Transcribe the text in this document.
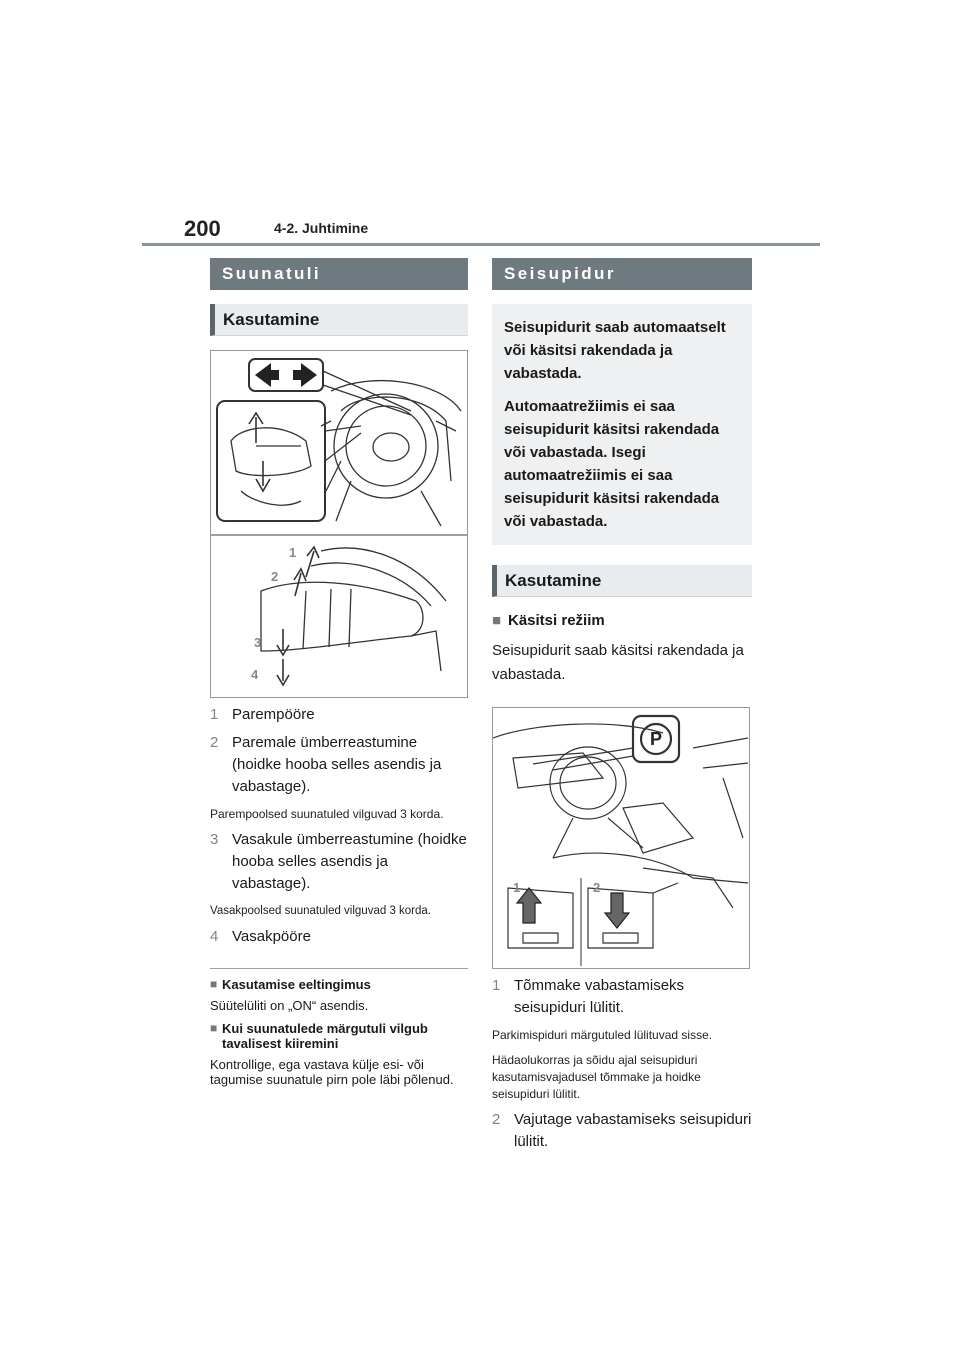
200	4-2. Juhtimine
Suunatuli
Kasutamine
1
2
3
4
1 Parempööre
2 Paremale ümberreastumine (hoidke hooba selles asendis ja vabastage).
Parempoolsed suunatuled vilguvad 3 korda.
3 Vasakule ümberreastumine (hoidke hooba selles asendis ja vabastage).
Vasakpoolsed suunatuled vilguvad 3 korda.
4 Vasakpööre
■ Kasutamise eeltingimus
Süütelüliti on „ON“ asendis.
■ Kui suunatulede märgutuli vilgub tavalisest kiiremini
Kontrollige, ega vastava külje esi- või tagumise suunatule pirn pole läbi põlenud.
Seisupidur

Seisupidurit saab automaatselt või käsitsi rakendada ja vabastada.

Automaatrežiimis ei saa seisupidurit käsitsi rakendada või vabastada. Isegi automaatrežiimis ei saa seisupidurit käsitsi rakendada või vabastada.

Kasutamine
■ Käsitsi režiim
Seisupidurit saab käsitsi rakendada ja vabastada.
P
1	2
1 Tõmmake vabastamiseks seisupiduri lülitit.
Parkimispiduri märgutuled lülituvad sisse.
Hädaolukorras ja sõidu ajal seisupiduri kasutamisvajadusel tõmmake ja hoidke seisupiduri lülitit.
2 Vajutage vabastamiseks seisupiduri lülitit.
